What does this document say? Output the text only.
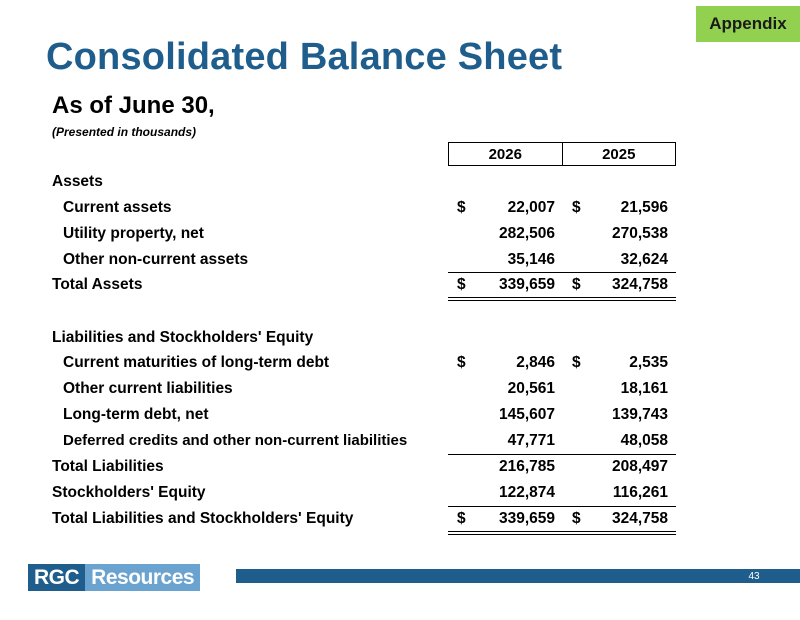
Appendix
Consolidated Balance Sheet
As of June 30,
(Presented in thousands)
2026	2025
Assets
Current assets	$	22,007 $	21,596
Utility property, net	282,506	270,538
Other non-current assets	35,146	32,624
Total Assets	$	339,659 $	324,758
Liabilities and Stockholders' Equity
Current maturities of long-term debt	$	2,846 $	2,535
Other current liabilities	20,561	18,161
Long-term debt, net	145,607	139,743
Deferred credits and other non-current liabilities	47,771	48,058
Total Liabilities	216,785	208,497
Stockholders' Equity	122,874	116,261
Total Liabilities and Stockholders' Equity	$	339,659 $	324,758
RGC Resources	43
